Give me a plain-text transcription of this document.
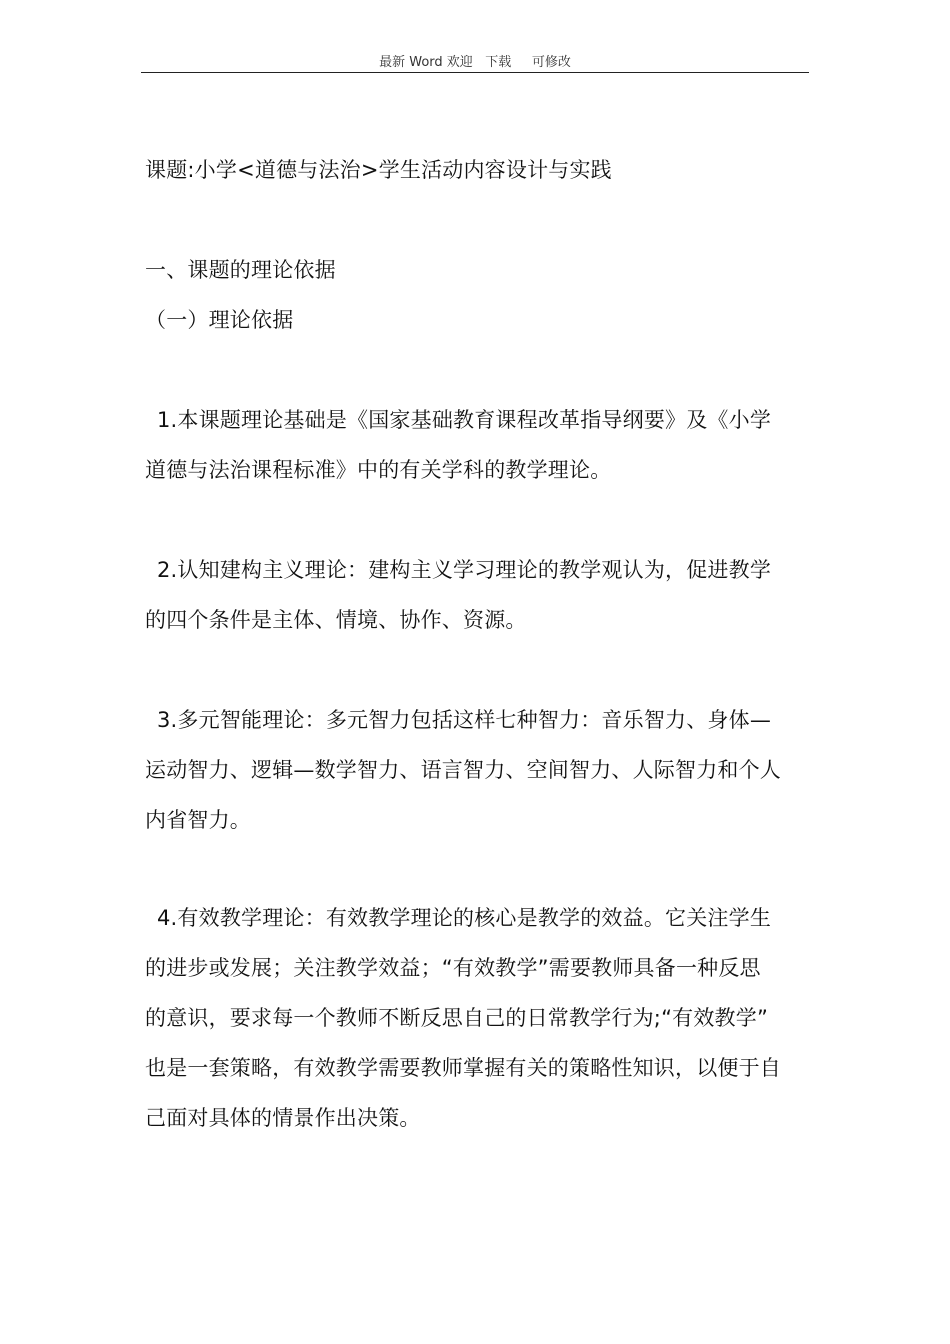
最新 Word 欢迎   下载     可修改
课题:小学<道德与法治>学生活动内容设计与实践
一、课题的理论依据
（一）理论依据
1.本课题理论基础是《国家基础教育课程改革指导纲要》及《小学
道德与法治课程标准》中的有关学科的教学理论。
2.认知建构主义理论：建构主义学习理论的教学观认为，促进教学
的四个条件是主体、情境、协作、资源。
3.多元智能理论：多元智力包括这样七种智力：音乐智力、身体—
运动智力、逻辑—数学智力、语言智力、空间智力、人际智力和个人
内省智力。
4.有效教学理论：有效教学理论的核心是教学的效益。它关注学生
的进步或发展；关注教学效益；“有效教学”需要教师具备一种反思
的意识，要求每一个教师不断反思自己的日常教学行为;“有效教学”
也是一套策略，有效教学需要教师掌握有关的策略性知识，以便于自
己面对具体的情景作出决策。
